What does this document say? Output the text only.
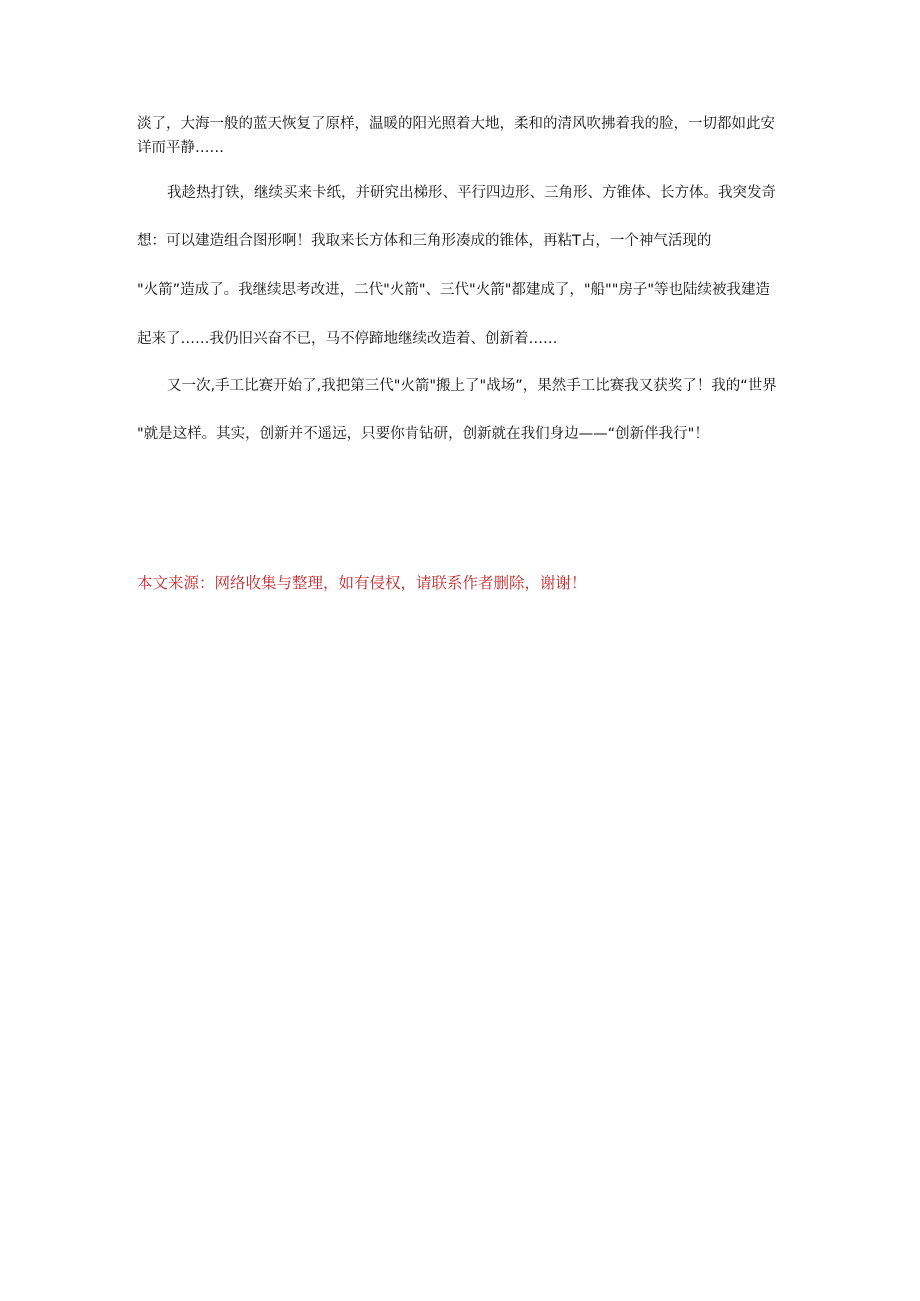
淡了，大海一般的蓝天恢复了原样，温暖的阳光照着大地，柔和的清风吹拂着我的脸，一切都如此安
详而平静……
我趁热打铁，继续买来卡纸，并研究出梯形、平行四边形、三角形、方锥体、长方体。我突发奇
想：可以建造组合图形啊！我取来长方体和三角形凑成的锥体，再粘T占，一个神气活现的
"火箭”造成了。我继续思考改进，二代"火箭"、三代"火箭"都建成了，"船""房子"等也陆续被我建造
起来了……我仍旧兴奋不已，马不停蹄地继续改造着、创新着……
又一次,手工比赛开始了,我把第三代"火箭"搬上了"战场”，果然手工比赛我又获奖了！我的“世界
"就是这样。其实，创新并不遥远，只要你肯钻研，创新就在我们身边——“创新伴我行"！
本文来源：网络收集与整理，如有侵权，请联系作者删除，谢谢！
